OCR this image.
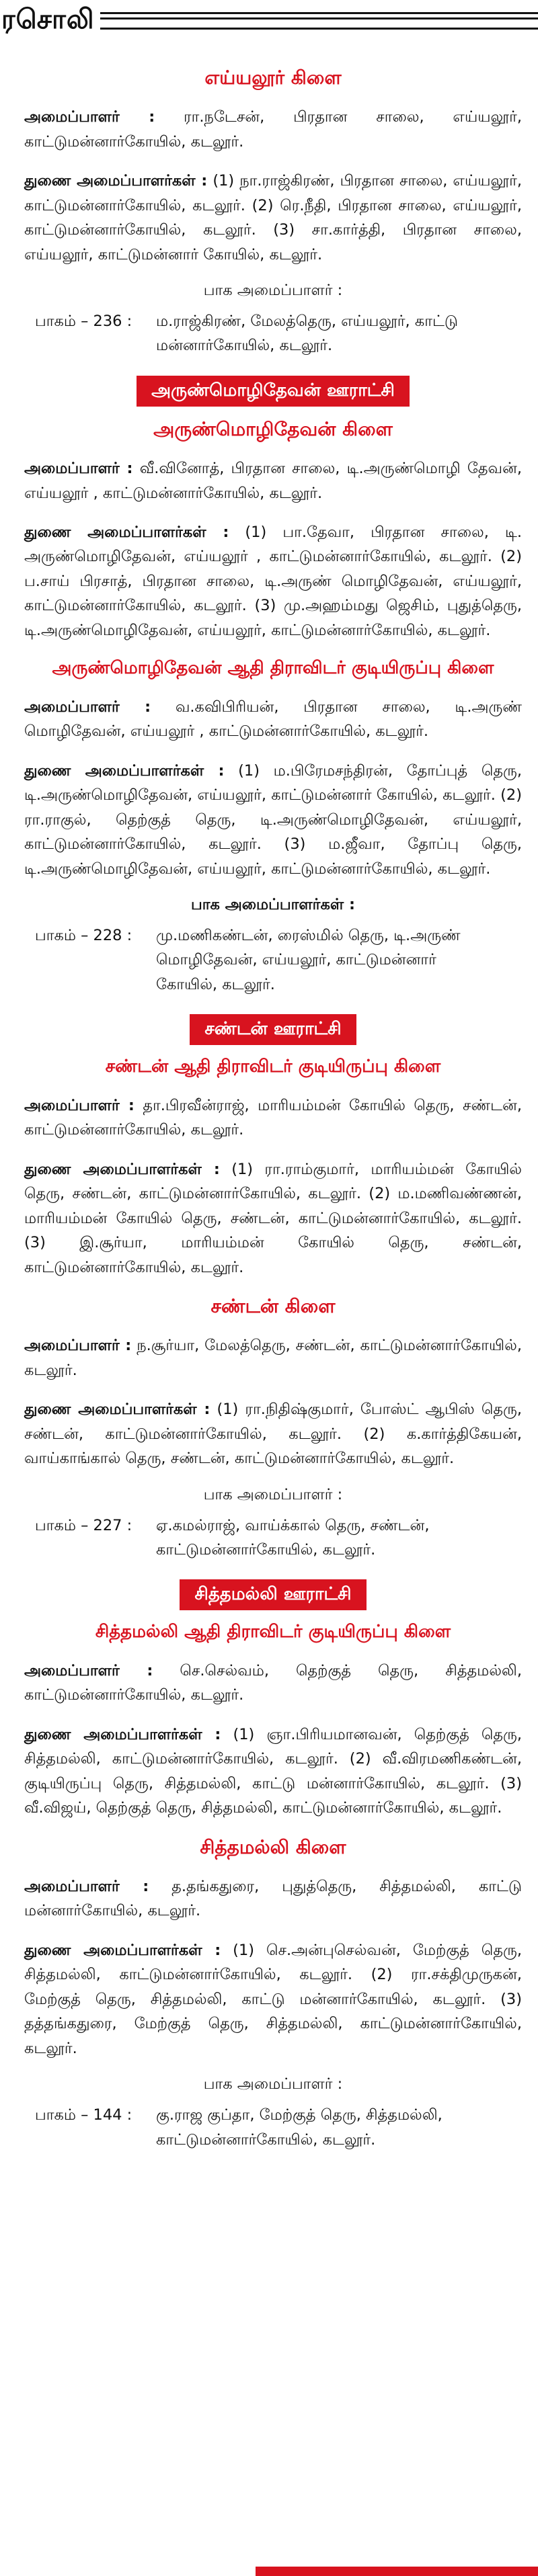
ரசொலி
எய்யலூர் கிளை

அமைப்பாளர் : ரா.நடேசன், பிரதான சாலை, எய்யலூர், காட்டுமன்னார்கோயில், கடலூர்.

துணை அமைப்பாளர்கள் : (1) நா.ராஜ்கிரண், பிரதான சாலை, எய்யலூர், காட்டுமன்னார்கோயில், கடலூர். (2) ரெ.நீதி, பிரதான சாலை, எய்யலூர், காட்டுமன்னார்கோயில், கடலூர். (3) சா.கார்த்தி, பிரதான சாலை, எய்யலூர், காட்டுமன்னார் கோயில், கடலூர்.

பாக அமைப்பாளர் :
பாகம் – 236 :	ம.ராஜ்கிரண், மேலத்தெரு, எய்யலூர், காட்டு மன்னார்கோயில், கடலூர்.
அருண்மொழிதேவன் ஊராட்சி
அருண்மொழிதேவன் கிளை

அமைப்பாளர் : வீ.வினோத், பிரதான சாலை, டி.அருண்மொழி தேவன், எய்யலூர் , காட்டுமன்னார்கோயில், கடலூர்.

துணை அமைப்பாளர்கள் : (1) பா.தேவா, பிரதான சாலை, டி. அருண்மொழிதேவன், எய்யலூர் , காட்டுமன்னார்கோயில், கடலூர். (2) ப.சாய் பிரசாத், பிரதான சாலை, டி.அருண் மொழிதேவன், எய்யலூர், காட்டுமன்னார்கோயில், கடலூர். (3) மு.அஹம்மது ஜெசிம், புதுத்தெரு, டி.அருண்மொழிதேவன், எய்யலூர், காட்டுமன்னார்கோயில், கடலூர்.

அருண்மொழிதேவன் ஆதி திராவிடர் குடியிருப்பு கிளை

அமைப்பாளர் : வ.கவிபிரியன், பிரதான சாலை, டி.அருண் மொழிதேவன், எய்யலூர் , காட்டுமன்னார்கோயில், கடலூர்.

துணை அமைப்பாளர்கள் : (1) ம.பிரேமசந்திரன், தோப்புத் தெரு, டி.அருண்மொழிதேவன், எய்யலூர், காட்டுமன்னார் கோயில், கடலூர். (2) ரா.ராகுல், தெற்குத் தெரு, டி.அருண்மொழிதேவன், எய்யலூர், காட்டுமன்னார்கோயில், கடலூர். (3) ம.ஜீவா, தோப்பு தெரு, டி.அருண்மொழிதேவன், எய்யலூர், காட்டுமன்னார்கோயில், கடலூர்.

பாக அமைப்பாளர்கள் :
பாகம் – 228 :	மு.மணிகண்டன், ரைஸ்மில் தெரு, டி.அருண் மொழிதேவன், எய்யலூர், காட்டுமன்னார் கோயில், கடலூர்.
சண்டன் ஊராட்சி
சண்டன் ஆதி திராவிடர் குடியிருப்பு கிளை

அமைப்பாளர் : தா.பிரவீன்ராஜ், மாரியம்மன் கோயில் தெரு, சண்டன், காட்டுமன்னார்கோயில், கடலூர்.

துணை அமைப்பாளர்கள் : (1) ரா.ராம்குமார், மாரியம்மன் கோயில் தெரு, சண்டன், காட்டுமன்னார்கோயில், கடலூர். (2) ம.மணிவண்ணன், மாரியம்மன் கோயில் தெரு, சண்டன், காட்டுமன்னார்கோயில், கடலூர். (3) இ.சூர்யா, மாரியம்மன் கோயில் தெரு, சண்டன், காட்டுமன்னார்கோயில், கடலூர்.

சண்டன் கிளை

அமைப்பாளர் : ந.சூர்யா, மேலத்தெரு, சண்டன், காட்டுமன்னார்கோயில், கடலூர்.

துணை அமைப்பாளர்கள் : (1) ரா.நிதிஷ்குமார், போஸ்ட் ஆபிஸ் தெரு, சண்டன், காட்டுமன்னார்கோயில், கடலூர். (2) க.கார்த்திகேயன், வாய்காங்கால் தெரு, சண்டன், காட்டுமன்னார்கோயில், கடலூர்.

பாக அமைப்பாளர் :
பாகம் – 227 :	ஏ.கமல்ராஜ், வாய்க்கால் தெரு, சண்டன், காட்டுமன்னார்கோயில், கடலூர்.
சித்தமல்லி ஊராட்சி
சித்தமல்லி ஆதி திராவிடர் குடியிருப்பு கிளை

அமைப்பாளர் : செ.செல்வம், தெற்குத் தெரு, சித்தமல்லி, காட்டுமன்னார்கோயில், கடலூர்.

துணை அமைப்பாளர்கள் : (1) ஞா.பிரியமானவன், தெற்குத் தெரு, சித்தமல்லி, காட்டுமன்னார்கோயில், கடலூர். (2) வீ.விரமணிகண்டன், குடியிருப்பு தெரு, சித்தமல்லி, காட்டு மன்னார்கோயில், கடலூர். (3) வீ.விஜய், தெற்குத் தெரு, சித்தமல்லி, காட்டுமன்னார்கோயில், கடலூர்.

சித்தமல்லி கிளை

அமைப்பாளர் : த.தங்கதுரை, புதுத்தெரு, சித்தமல்லி, காட்டு மன்னார்கோயில், கடலூர்.

துணை அமைப்பாளர்கள் : (1) செ.அன்புசெல்வன், மேற்குத் தெரு, சித்தமல்லி, காட்டுமன்னார்கோயில், கடலூர். (2) ரா.சக்திமுருகன், மேற்குத் தெரு, சித்தமல்லி, காட்டு மன்னார்கோயில், கடலூர். (3) தத்தங்கதுரை, மேற்குத் தெரு, சித்தமல்லி, காட்டுமன்னார்கோயில், கடலூர்.

பாக அமைப்பாளர் :
பாகம் – 144 :	கு.ராஜ குப்தா, மேற்குத் தெரு, சித்தமல்லி, காட்டுமன்னார்கோயில், கடலூர்.
